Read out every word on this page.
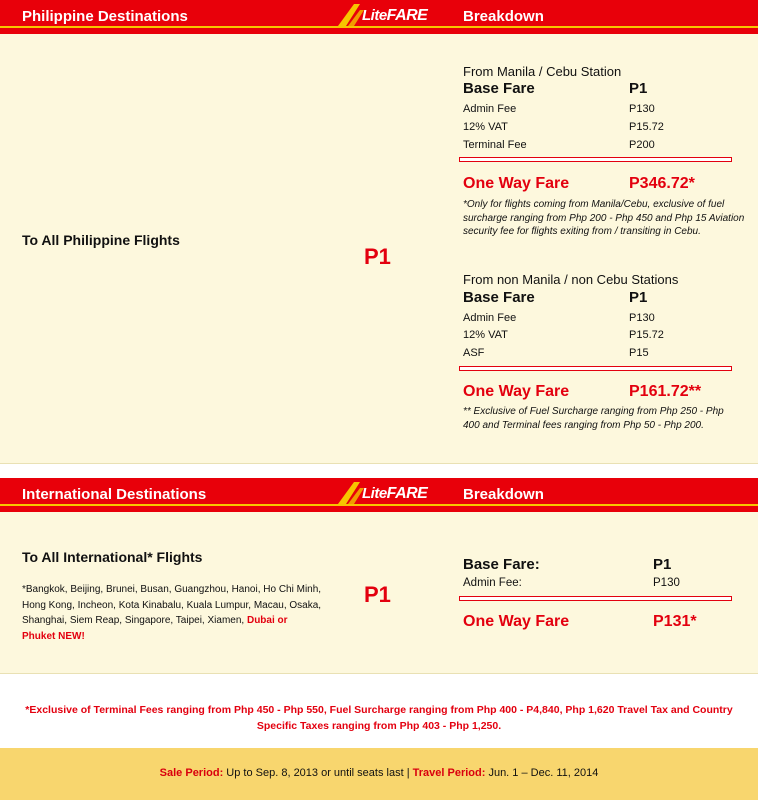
Philippine Destinations	LiteFARE Breakdown
To All Philippine Flights
P1
From Manila / Cebu Station
Base Fare	P1
Admin Fee	P130
12% VAT	P15.72
Terminal Fee	P200
One Way Fare	P346.72*
*Only for flights coming from Manila/Cebu, exclusive of fuel surcharge ranging from Php 200 - Php 450 and Php 15 Aviation security fee for flights exiting from / transiting in Cebu.
From non Manila / non Cebu Stations
Base Fare	P1
Admin Fee	P130
12% VAT	P15.72
ASF	P15
One Way Fare	P161.72**
** Exclusive of Fuel Surcharge ranging from Php 250 - Php 400 and Terminal fees ranging from Php 50 - Php 200.
International Destinations	LiteFARE Breakdown
To All International* Flights
*Bangkok, Beijing, Brunei, Busan, Guangzhou, Hanoi, Ho Chi Minh, Hong Kong, Incheon, Kota Kinabalu, Kuala Lumpur, Macau, Osaka, Shanghai, Siem Reap, Singapore, Taipei, Xiamen, Dubai or Phuket NEW!
P1
Base Fare:	P1
Admin Fee:	P130
One Way Fare	P131*
*Exclusive of Terminal Fees ranging from Php 450 - Php 550, Fuel Surcharge ranging from Php 400 - P4,840, Php 1,620 Travel Tax and Country
Specific Taxes ranging from Php 403 - Php 1,250.
Sale Period: Up to Sep. 8, 2013 or until seats last | Travel Period: Jun. 1 – Dec. 11, 2014
